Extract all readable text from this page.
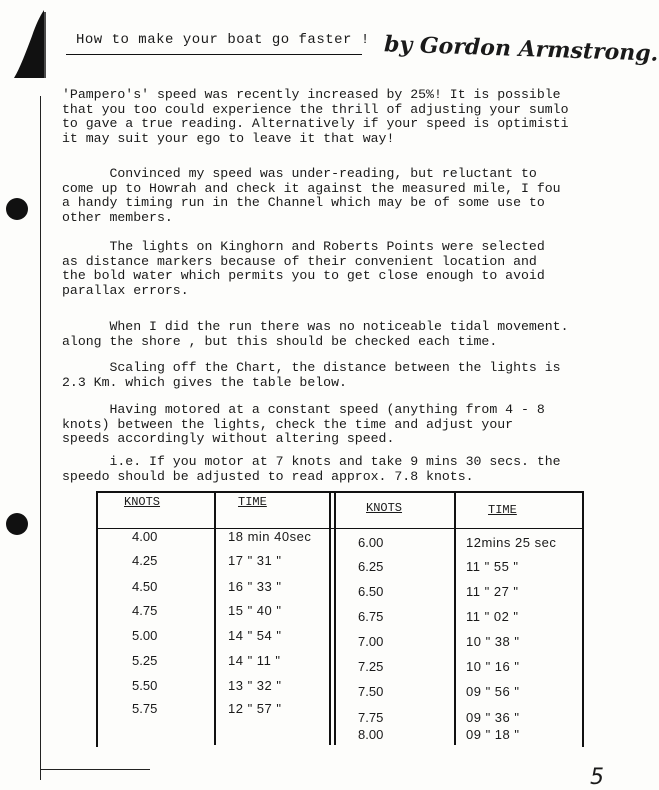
How to make your boat go faster ! by Gordon Armstrong.

'Pampero's' speed was recently increased by 25%! It is possible
that you too could experience the thrill of adjusting your sumlo
to gave a true reading. Alternatively if your speed is optimisti
it may suit your ego to leave it that way!

Convinced my speed was under-reading, but reluctant to
come up to Howrah and check it against the measured mile, I fou
a handy timing run in the Channel which may be of some use to
other members.

The lights on Kinghorn and Roberts Points were selected
as distance markers because of their convenient location and
the bold water which permits you to get close enough to avoid
parallax errors.

When I did the run there was no noticeable tidal movement.
along the shore , but this should be checked each time.

Scaling off the Chart, the distance between the lights is
2.3 Km. which gives the table below.

Having motored at a constant speed (anything from 4 - 8
knots) between the lights, check the time and adjust your
speeds accordingly without altering speed.

i.e. If you motor at 7 knots and take 9 mins 30 secs. the
speedo should be adjusted to read approx. 7.8 knots.

KNOTS	TIME	KNOTS	TIME
4.00	18 min 40sec
4.25	17 " 31 "
4.50	16 " 33 "
4.75	15 " 40 "
5.00	14 " 54 "
5.25	14 " 11 "
5.50	13 " 32 "
5.75	12 " 57 "
6.00	12mins 25 sec
6.25	11 " 55 "
6.50	11 " 27 "
6.75	11 " 02 "
7.00	10 " 38 "
7.25	10 " 16 "
7.50	09 " 56 "
7.75	09 " 36 "
8.00	09 " 18 "
5
